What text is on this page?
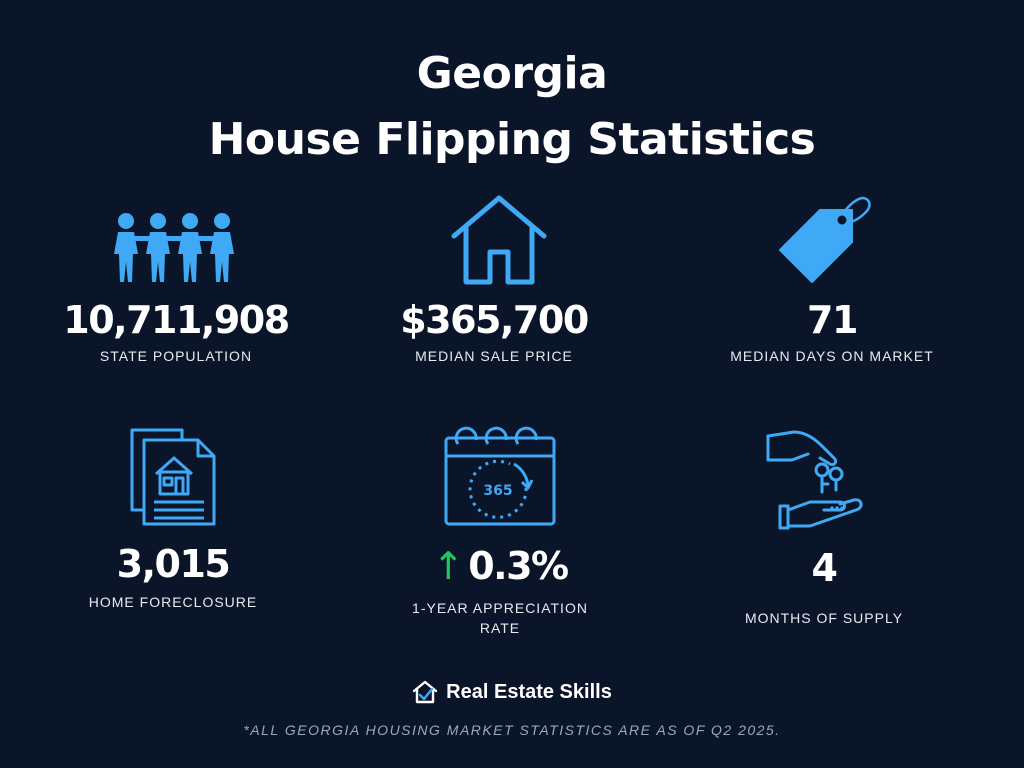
Georgia
House Flipping Statistics
10,711,908
STATE POPULATION
$365,700
MEDIAN SALE PRICE
71
MEDIAN DAYS ON MARKET
3,015
HOME FORECLOSURE
365
↑ 0.3%
1-YEAR APPRECIATION
RATE
4
MONTHS OF SUPPLY
Real Estate Skills
*ALL GEORGIA HOUSING MARKET STATISTICS ARE AS OF Q2 2025.
